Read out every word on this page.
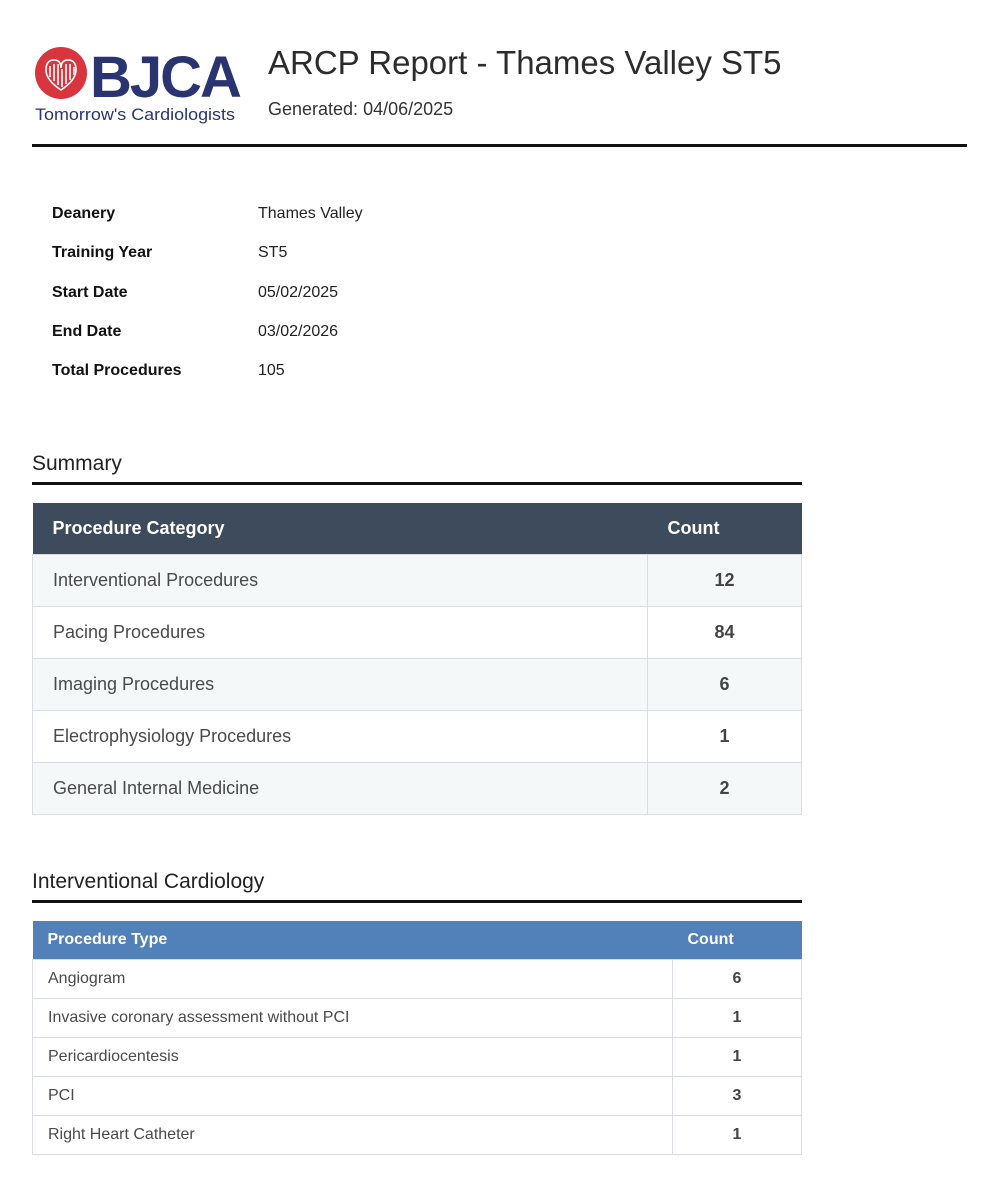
BJCA
Tomorrow's Cardiologists
ARCP Report - Thames Valley ST5
Generated: 04/06/2025
Deanery	Thames Valley
Training Year	ST5
Start Date	05/02/2025
End Date	03/02/2026
Total Procedures	105
Summary
Procedure Category	Count
Interventional Procedures	12
Pacing Procedures	84
Imaging Procedures	6
Electrophysiology Procedures	1
General Internal Medicine	2
Interventional Cardiology
Procedure Type	Count
Angiogram	6
Invasive coronary assessment without PCI	1
Pericardiocentesis	1
PCI	3
Right Heart Catheter	1
